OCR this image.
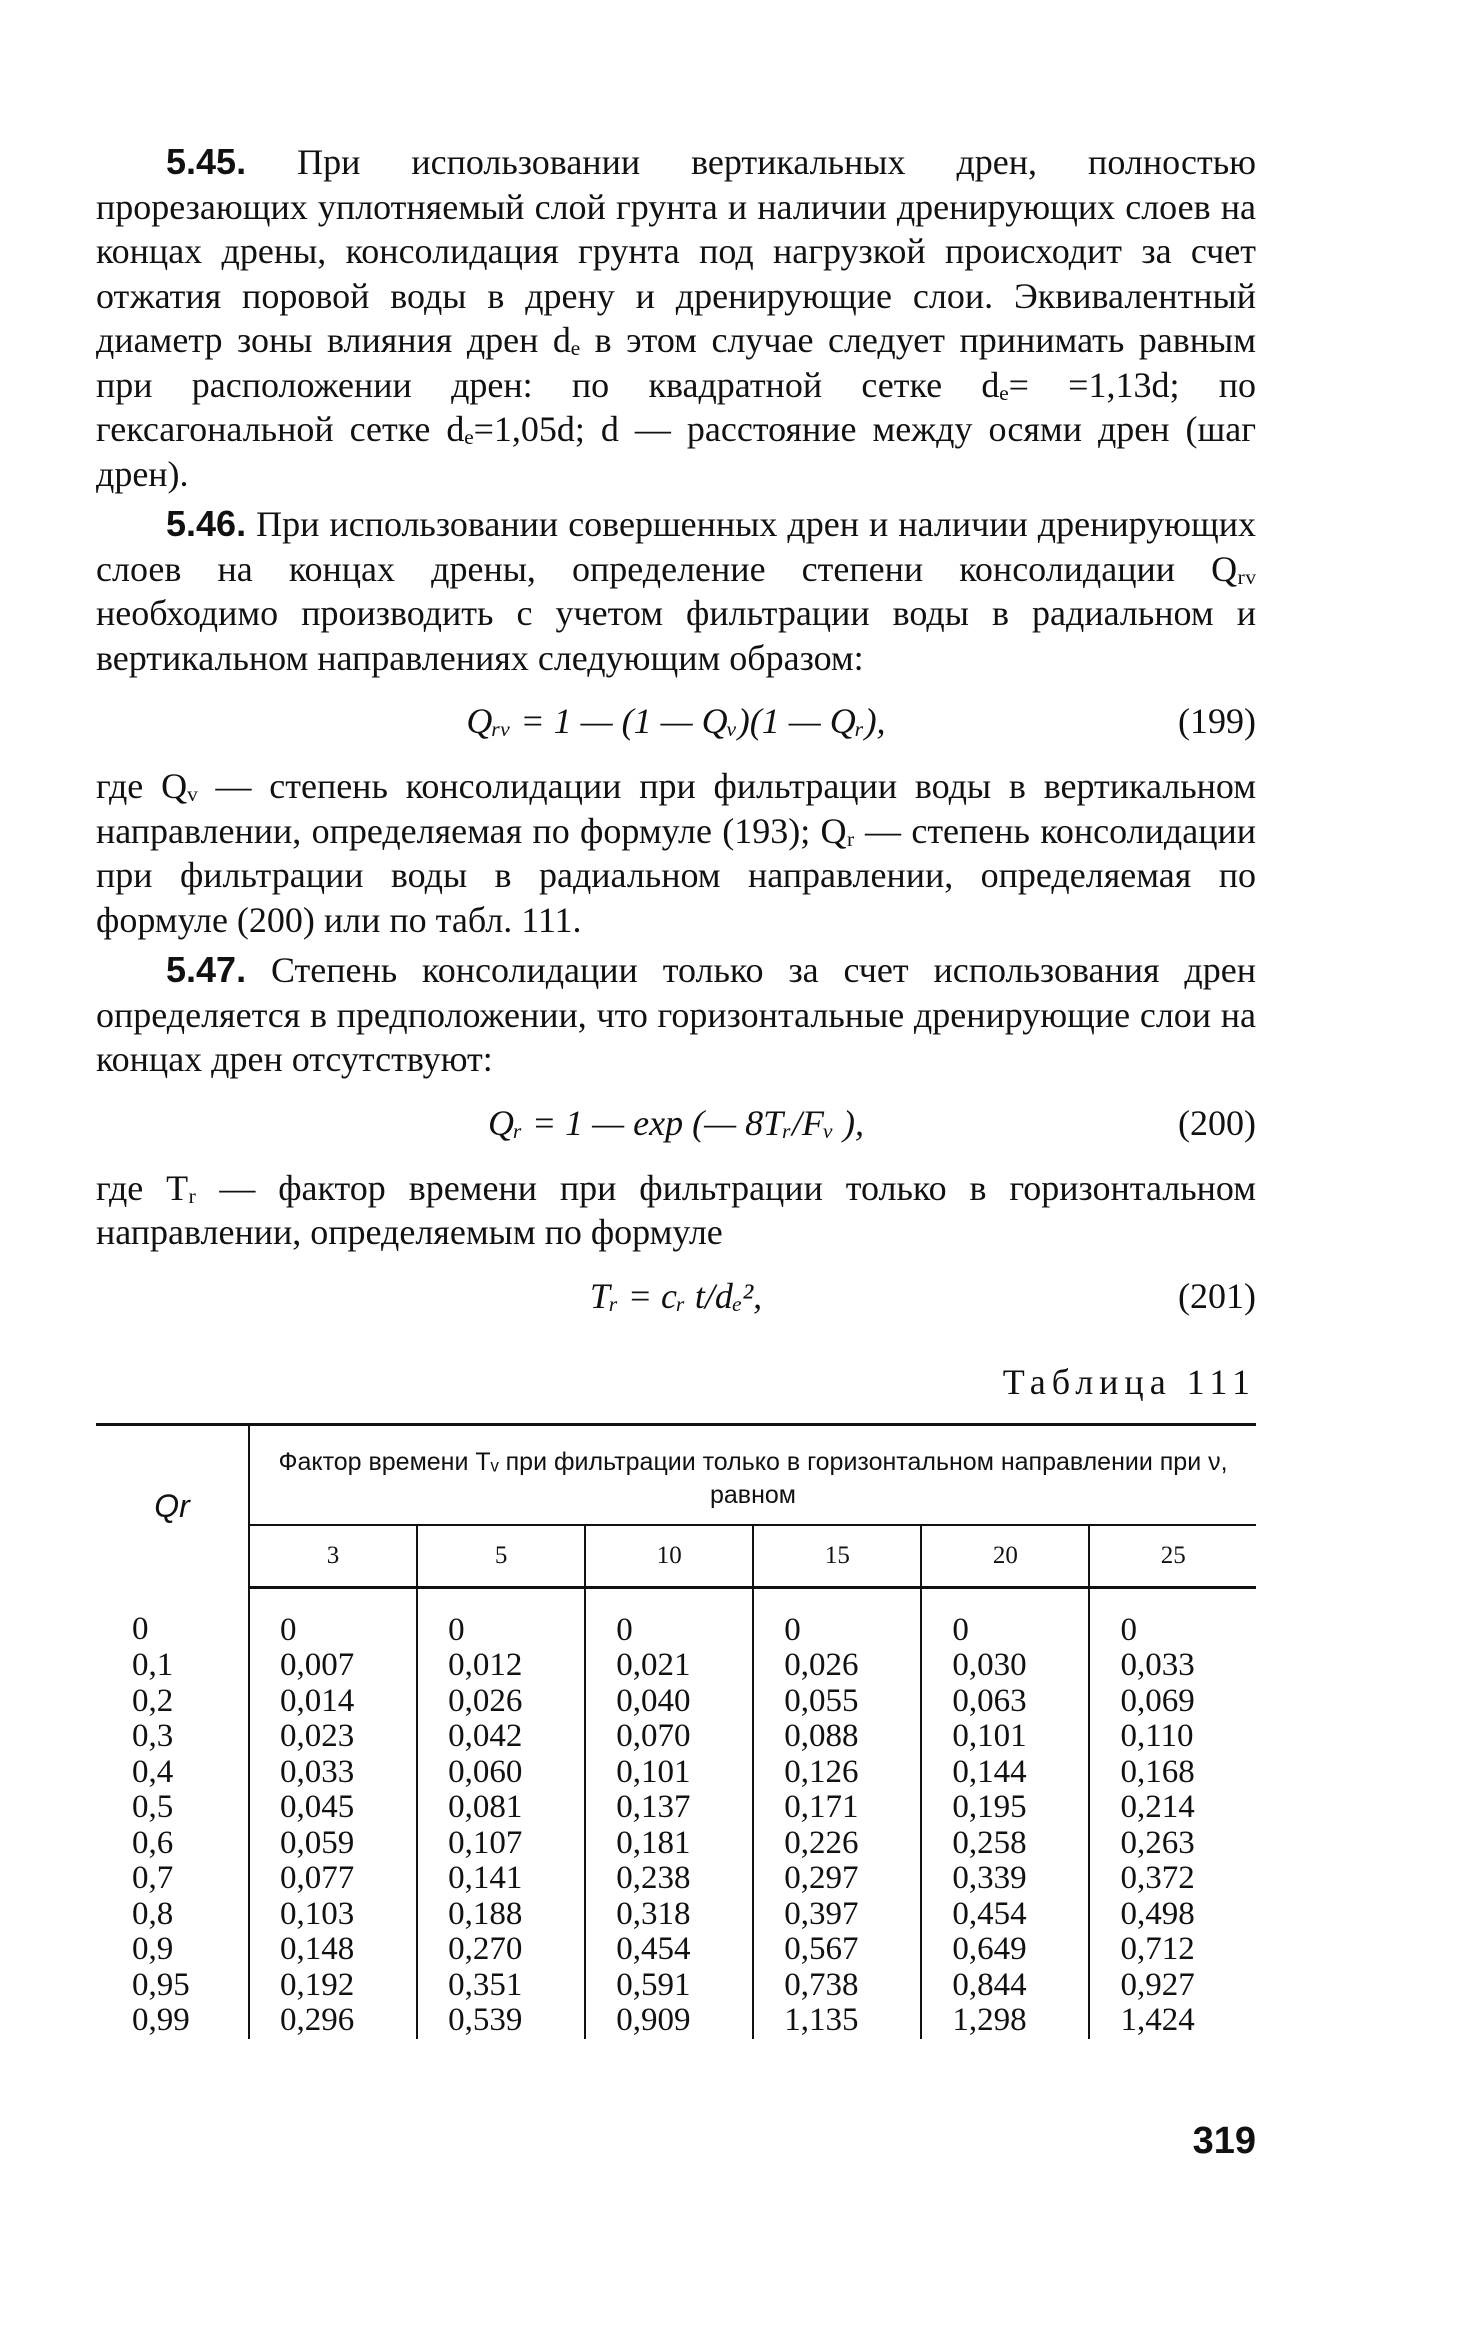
5.45. При использовании вертикальных дрен, полностью прорезающих уплотняемый слой грунта и наличии дренирующих слоев на концах дрены, консолидация грунта под нагрузкой происходит за счет отжатия поровой воды в дрену и дренирующие слои. Эквивалентный диаметр зоны влияния дрен dₑ в этом случае следует принимать равным при расположении дрен: по квадратной сетке dₑ= =1,13d; по гексагональной сетке dₑ=1,05d; d — расстояние между осями дрен (шаг дрен).

5.46. При использовании совершенных дрен и наличии дренирующих слоев на концах дрены, определение степени консолидации Qᵣᵥ необходимо производить с учетом фильтрации воды в радиальном и вертикальном направлениях следующим образом:

Qᵣᵥ = 1 — (1 — Qᵥ)(1 — Qᵣ),	(199)

где Qᵥ — степень консолидации при фильтрации воды в вертикальном направлении, определяемая по формуле (193); Qᵣ — степень консолидации при фильтрации воды в радиальном направлении, определяемая по формуле (200) или по табл. 111.

5.47. Степень консолидации только за счет использования дрен определяется в предположении, что горизонтальные дренирующие слои на концах дрен отсутствуют:

Qᵣ = 1 — exp (— 8Tᵣ/Fᵥ ),	(200)

где Tᵣ — фактор времени при фильтрации только в горизонтальном направлении, определяемым по формуле

Tᵣ = cᵣ t/dₑ²,	(201)
Таблица 111
Qr	Фактор времени Tᵥ при фильтрации только в горизонтальном направлении при ν, равном					
	3	5	10	15	20	25
0	0	0	0	0	0	0
0,1	0,007	0,012	0,021	0,026	0,030	0,033
0,2	0,014	0,026	0,040	0,055	0,063	0,069
0,3	0,023	0,042	0,070	0,088	0,101	0,110
0,4	0,033	0,060	0,101	0,126	0,144	0,168
0,5	0,045	0,081	0,137	0,171	0,195	0,214
0,6	0,059	0,107	0,181	0,226	0,258	0,263
0,7	0,077	0,141	0,238	0,297	0,339	0,372
0,8	0,103	0,188	0,318	0,397	0,454	0,498
0,9	0,148	0,270	0,454	0,567	0,649	0,712
0,95	0,192	0,351	0,591	0,738	0,844	0,927
0,99	0,296	0,539	0,909	1,135	1,298	1,424
319
